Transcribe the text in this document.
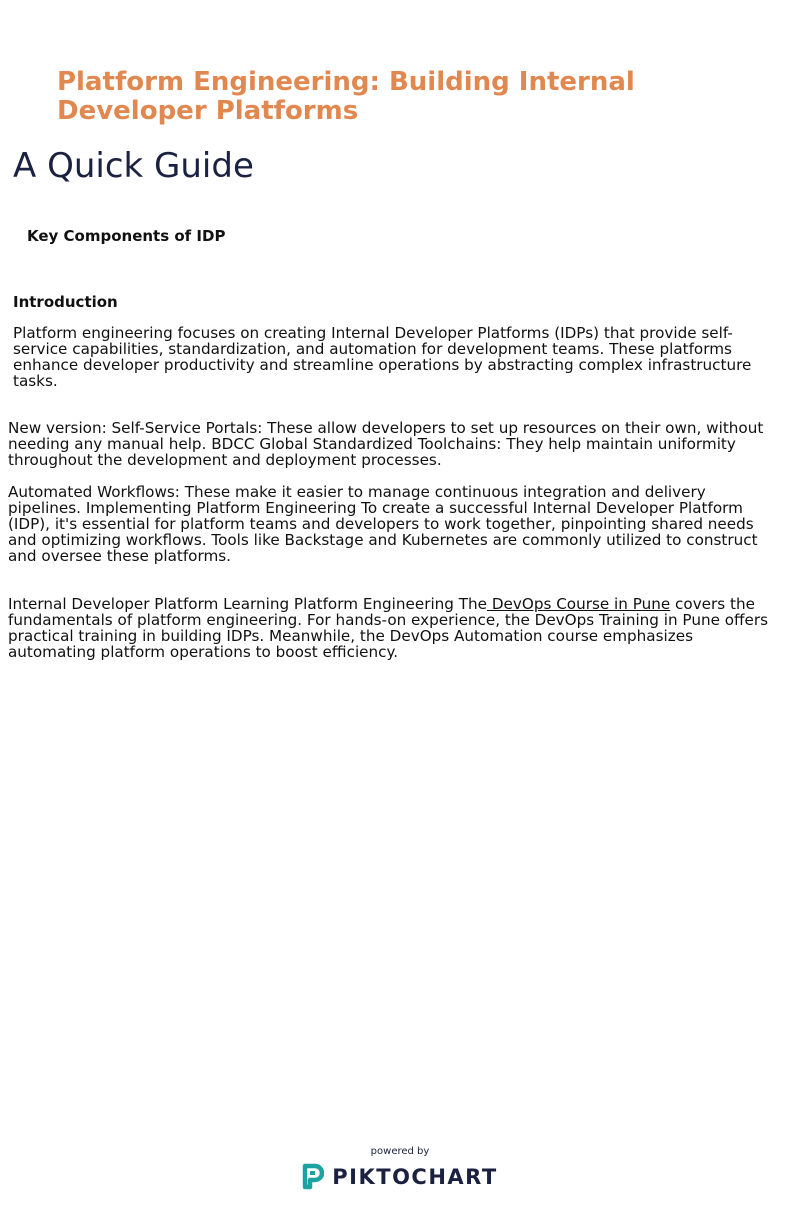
Platform Engineering: Building Internal Developer Platforms
A Quick Guide
Key Components of IDP
Introduction

Platform engineering focuses on creating Internal Developer Platforms (IDPs) that provide self-service capabilities, standardization, and automation for development teams. These platforms enhance developer productivity and streamline operations by abstracting complex infrastructure tasks.

New version: Self-Service Portals: These allow developers to set up resources on their own, without needing any manual help. BDCC Global Standardized Toolchains: They help maintain uniformity throughout the development and deployment processes.

Automated Workflows: These make it easier to manage continuous integration and delivery pipelines. Implementing Platform Engineering To create a successful Internal Developer Platform (IDP), it's essential for platform teams and developers to work together, pinpointing shared needs and optimizing workflows. Tools like Backstage and Kubernetes are commonly utilized to construct and oversee these platforms.

Internal Developer Platform Learning Platform Engineering The DevOps Course in Pune covers the fundamentals of platform engineering. For hands-on experience, the DevOps Training in Pune offers practical training in building IDPs. Meanwhile, the DevOps Automation course emphasizes automating platform operations to boost efficiency.

powered by
PIKTOCHART
